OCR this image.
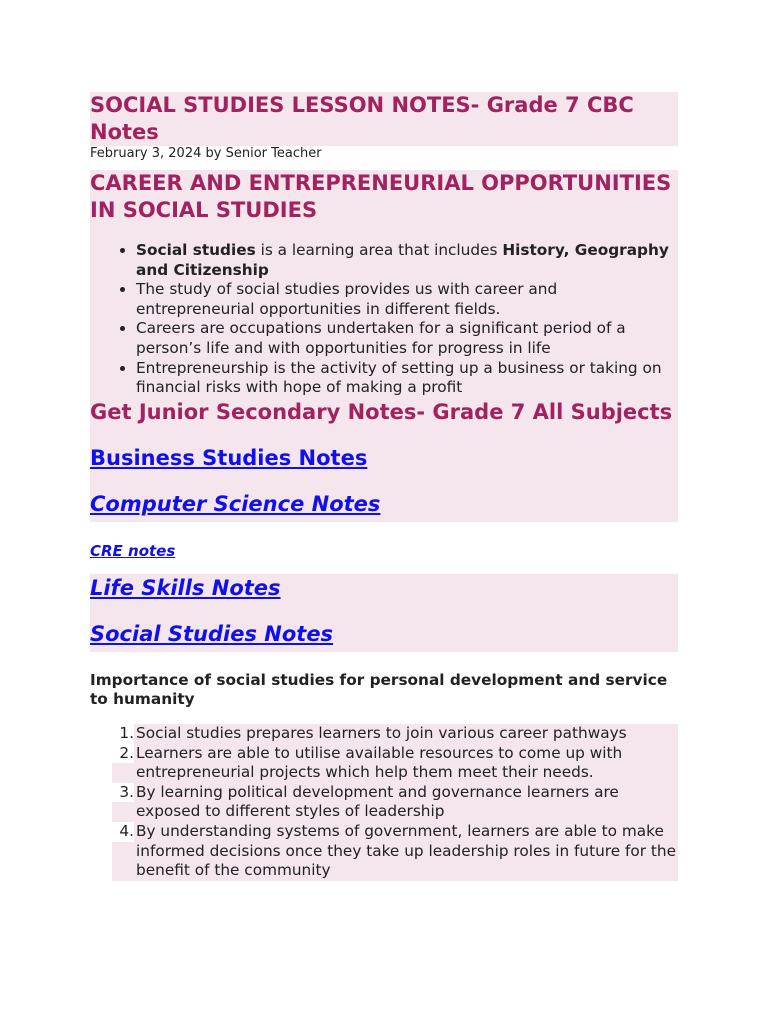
SOCIAL STUDIES LESSON NOTES- Grade 7 CBC Notes

February 3, 2024 by Senior Teacher

CAREER AND ENTREPRENEURIAL OPPORTUNITIES IN SOCIAL STUDIES
• Social studies is a learning area that includes History, Geography and Citizenship
• The study of social studies provides us with career and entrepreneurial opportunities in different fields.
• Careers are occupations undertaken for a significant period of a person’s life and with opportunities for progress in life
• Entrepreneurship is the activity of setting up a business or taking on financial risks with hope of making a profit
Get Junior Secondary Notes- Grade 7 All Subjects
Business Studies Notes
Computer Science Notes
CRE notes
Life Skills Notes
Social Studies Notes

Importance of social studies for personal development and service to humanity

1. Social studies prepares learners to join various career pathways
2. Learners are able to utilise available resources to come up with entrepreneurial projects which help them meet their needs.
3. By learning political development and governance learners are exposed to different styles of leadership
4. By understanding systems of government, learners are able to make informed decisions once they take up leadership roles in future for the benefit of the community
